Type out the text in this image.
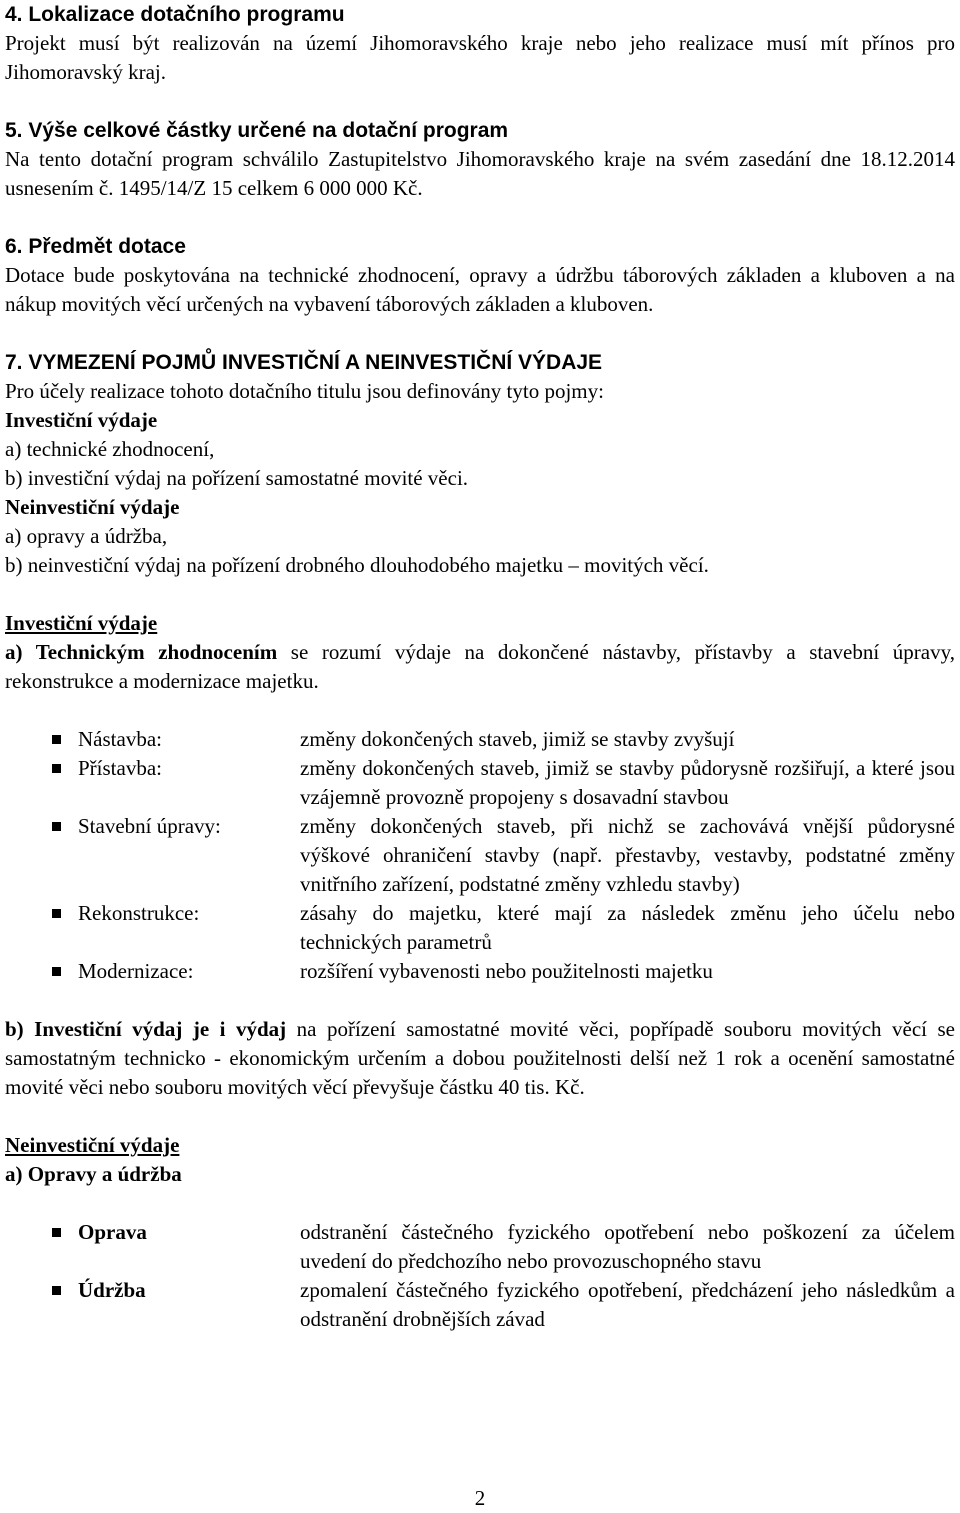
4. Lokalizace dotačního programu
Projekt musí být realizován na území Jihomoravského kraje nebo jeho realizace musí mít přínos pro Jihomoravský kraj.
5. Výše celkové částky určené na dotační program
Na tento dotační program schválilo Zastupitelstvo Jihomoravského kraje na svém zasedání dne 18.12.2014 usnesením č. 1495/14/Z 15 celkem 6 000 000 Kč.
6. Předmět dotace
Dotace bude poskytována na technické zhodnocení, opravy a údržbu táborových základen a kluboven a na nákup movitých věcí určených na vybavení táborových základen a kluboven.
7. VYMEZENÍ POJMŮ INVESTIČNÍ A NEINVESTIČNÍ VÝDAJE
Pro účely realizace tohoto dotačního titulu jsou definovány tyto pojmy:
Investiční výdaje
a) technické zhodnocení,
b) investiční výdaj na pořízení samostatné movité věci.
Neinvestiční výdaje
a) opravy a údržba,
b) neinvestiční výdaj na pořízení drobného dlouhodobého majetku – movitých věcí.
Investiční výdaje
a) Technickým zhodnocením se rozumí výdaje na dokončené nástavby, přístavby a stavební úpravy, rekonstrukce a modernizace majetku.
Nástavba:	změny dokončených staveb, jimiž se stavby zvyšují
Přístavba:	změny dokončených staveb, jimiž se stavby půdorysně rozšiřují, a které jsou vzájemně provozně propojeny s dosavadní stavbou
Stavební úpravy:	změny dokončených staveb, při nichž se zachovává vnější půdorysné výškové ohraničení stavby (např. přestavby, vestavby, podstatné změny vnitřního zařízení, podstatné změny vzhledu stavby)
Rekonstrukce:	zásahy do majetku, které mají za následek změnu jeho účelu nebo technických parametrů
Modernizace:	rozšíření vybavenosti nebo použitelnosti majetku
b) Investiční výdaj je i výdaj na pořízení samostatné movité věci, popřípadě souboru movitých věcí se samostatným technicko - ekonomickým určením a dobou použitelnosti delší než 1 rok a ocenění samostatné movité věci nebo souboru movitých věcí převyšuje částku 40 tis. Kč.
Neinvestiční výdaje
a) Opravy a údržba
Oprava	odstranění částečného fyzického opotřebení nebo poškození za účelem uvedení do předchozího nebo provozuschopného stavu
Údržba	zpomalení částečného fyzického opotřebení, předcházení jeho následkům a odstranění drobnějších závad
2
